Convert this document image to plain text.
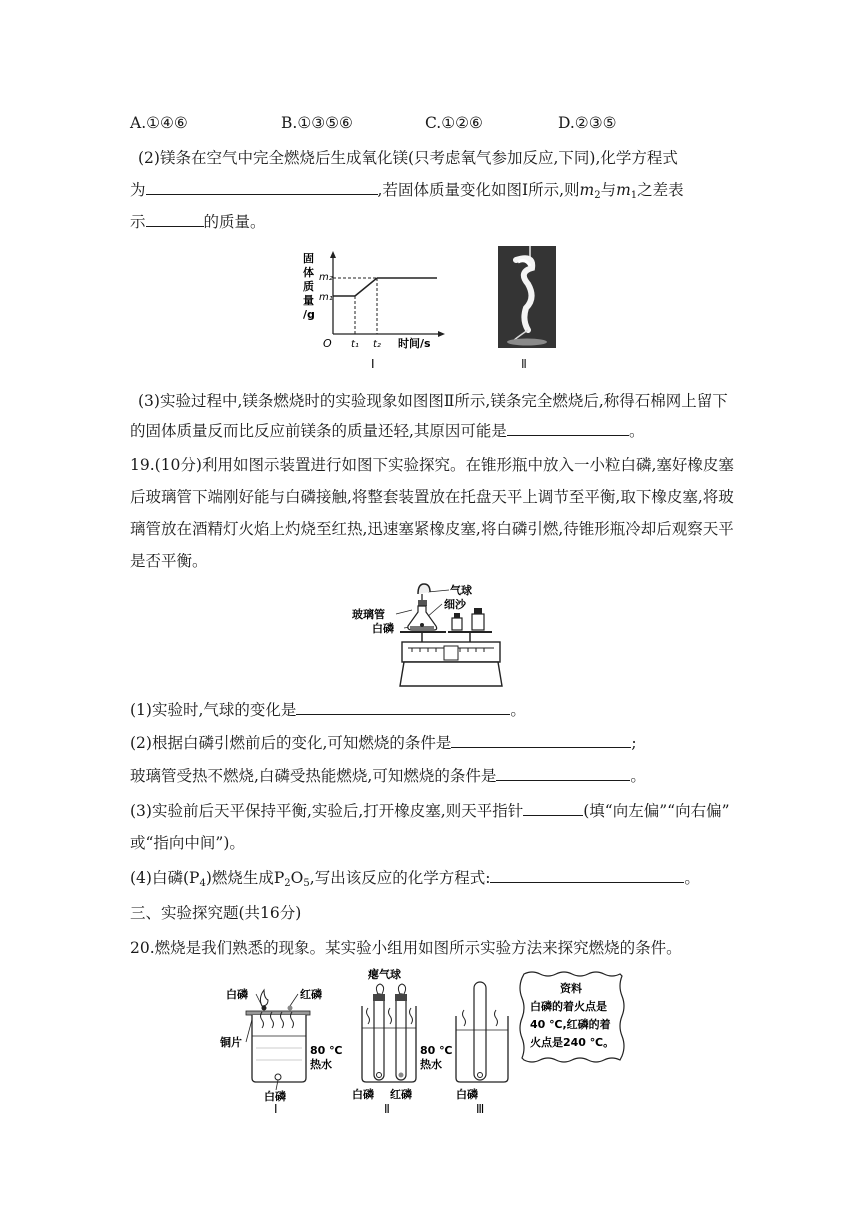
A.①④⑥	B.①③⑤⑥	C.①②⑥	D.②③⑤
(2)镁条在空气中完全燃烧后生成氧化镁(只考虑氧气参加反应,下同),化学方程式
为	,若固体质量变化如图Ⅰ所示,则$m_2$与$m_1$之差表
示	的质量。
固
体
质
量
/g
m₂
m₁
O t₁ t₂ 时间/s
Ⅰ	Ⅱ
(3)实验过程中,镁条燃烧时的实验现象如图图Ⅱ所示,镁条完全燃烧后,称得石棉网上留下
的固体质量反而比反应前镁条的质量还轻,其原因可能是	。
19.(10分)利用如图示装置进行如图下实验探究。在锥形瓶中放入一小粒白磷,塞好橡皮塞
后玻璃管下端刚好能与白磷接触,将整套装置放在托盘天平上调节至平衡,取下橡皮塞,将玻
璃管放在酒精灯火焰上灼烧至红热,迅速塞紧橡皮塞,将白磷引燃,待锥形瓶冷却后观察天平
是否平衡。
气球
细沙
玻璃管
白磷
(1)实验时,气球的变化是	。
(2)根据白磷引燃前后的变化,可知燃烧的条件是	;
玻璃管受热不燃烧,白磷受热能燃烧,可知燃烧的条件是	。
(3)实验前后天平保持平衡,实验后,打开橡皮塞,则天平指针	(填“向左偏”“向右偏”
或“指向中间”)。
(4)白磷$(P_4)$燃烧生成$P_2O_5$,写出该反应的化学方程式:	。
三、实验探究题(共16分)
20.燃烧是我们熟悉的现象。某实验小组用如图所示实验方法来探究燃烧的条件。
白磷	红磷
铜片
80 ℃
热水
白磷
Ⅰ
瘪气球
80 ℃
热水
白磷 红磷
Ⅱ
白磷
Ⅲ
资料
白磷的着火点是
40 ℃,红磷的着
火点是240 ℃。
